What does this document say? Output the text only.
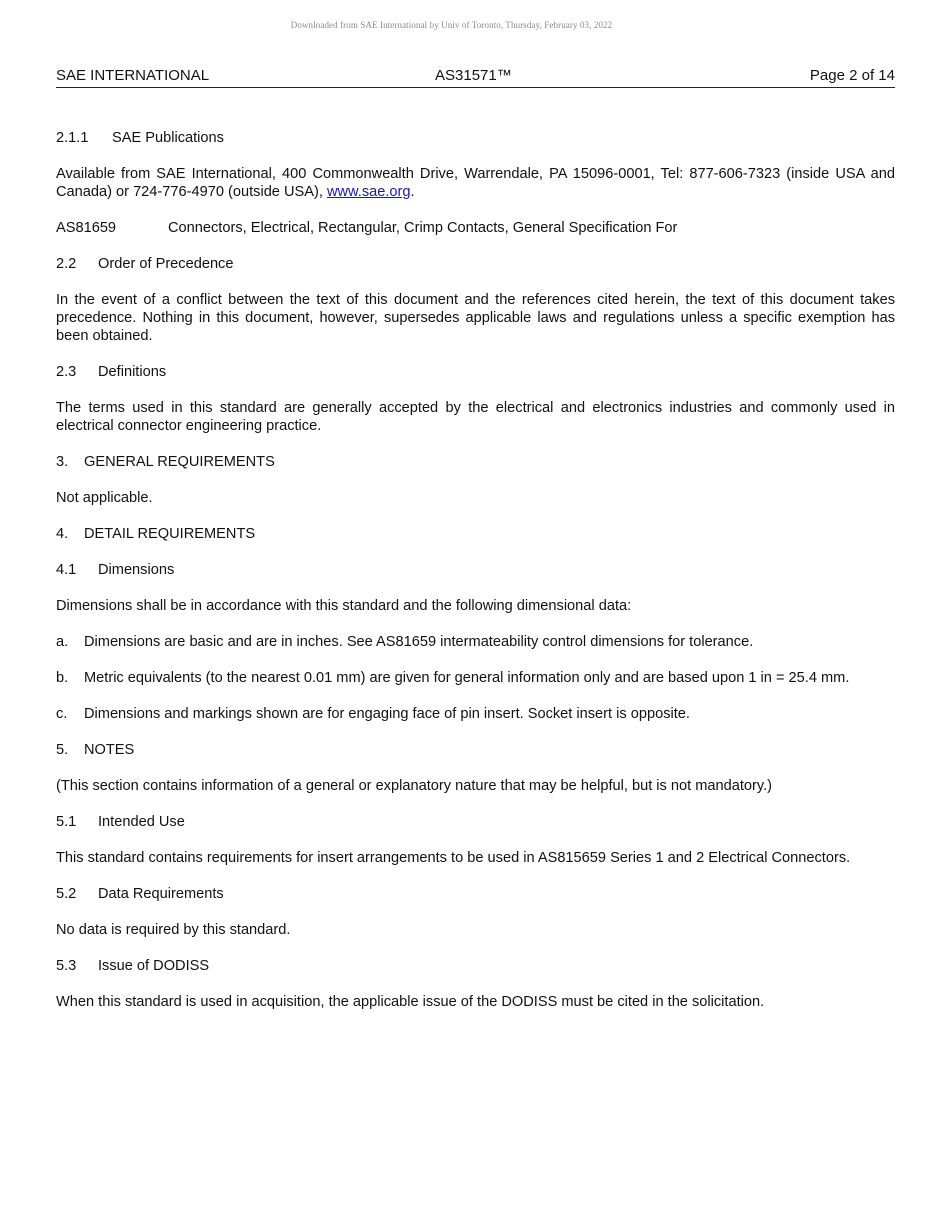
Downloaded from SAE International by Univ of Toronto, Thursday, February 03, 2022
SAE INTERNATIONAL	AS31571™	Page 2 of 14
2.1.1 SAE Publications

Available from SAE International, 400 Commonwealth Drive, Warrendale, PA 15096-0001, Tel: 877-606-7323 (inside USA and Canada) or 724-776-4970 (outside USA), www.sae.org.

AS81659	Connectors, Electrical, Rectangular, Crimp Contacts, General Specification For
2.2 Order of Precedence

In the event of a conflict between the text of this document and the references cited herein, the text of this document takes precedence. Nothing in this document, however, supersedes applicable laws and regulations unless a specific exemption has been obtained.

2.3 Definitions

The terms used in this standard are generally accepted by the electrical and electronics industries and commonly used in electrical connector engineering practice.

3. GENERAL REQUIREMENTS

Not applicable.

4. DETAIL REQUIREMENTS
4.1 Dimensions

Dimensions shall be in accordance with this standard and the following dimensional data:

a.	Dimensions are basic and are in inches. See AS81659 intermateability control dimensions for tolerance.
b.	Metric equivalents (to the nearest 0.01 mm) are given for general information only and are based upon 1 in = 25.4 mm.
c.	Dimensions and markings shown are for engaging face of pin insert. Socket insert is opposite.
5. NOTES

(This section contains information of a general or explanatory nature that may be helpful, but is not mandatory.)

5.1 Intended Use

This standard contains requirements for insert arrangements to be used in AS815659 Series 1 and 2 Electrical Connectors.

5.2 Data Requirements

No data is required by this standard.

5.3 Issue of DODISS

When this standard is used in acquisition, the applicable issue of the DODISS must be cited in the solicitation.
